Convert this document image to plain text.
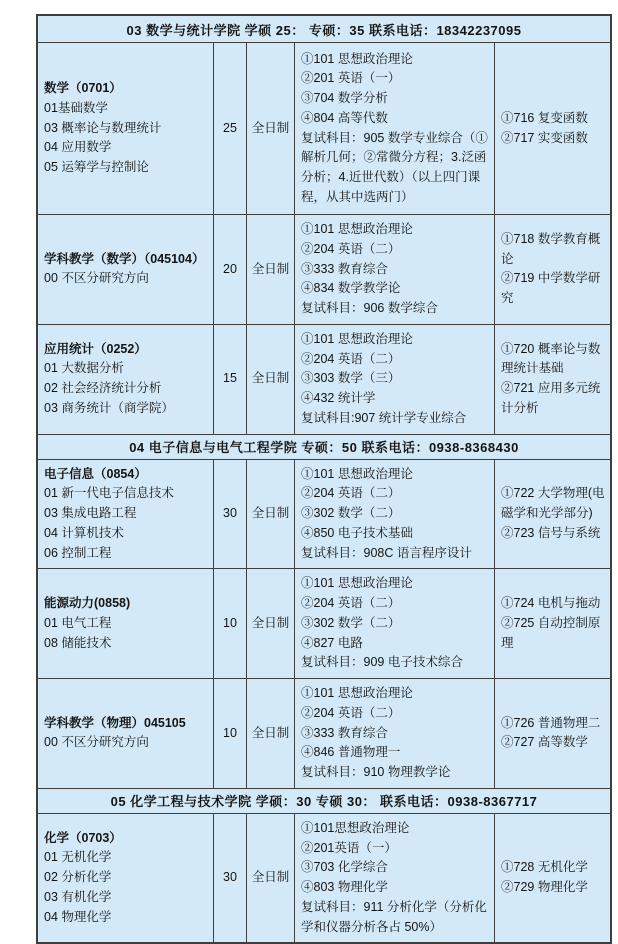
03 数学与统计学院 学硕 25： 专硕：35 联系电话：18342237095
数学（0701）
01基础数学
03 概率论与数理统计
04 应用数学
05 运筹学与控制论
25 全日制
①101 思想政治理论
②201 英语（一）
③704 数学分析
④804 高等代数
复试科目：905 数学专业综合（①解析几何；②常微分方程；3.泛函分析；4.近世代数）（以上四门课程，从其中选两门）
①716 复变函数
②717 实变函数
学科教学（数学）（045104）
00 不区分研究方向
20 全日制
①101 思想政治理论
②204 英语（二）
③333 教育综合
④834 数学教学论
复试科目：906 数学综合
①718 数学教育概论
②719 中学数学研究
应用统计（0252）
01 大数据分析
02 社会经济统计分析
03 商务统计（商学院）
15 全日制
①101 思想政治理论
②204 英语（二）
③303 数学（三）
④432 统计学
复试科目:907 统计学专业综合
①720 概率论与数理统计基础
②721 应用多元统计分析
04 电子信息与电气工程学院 专硕：50 联系电话：0938-8368430
电子信息（0854）
01 新一代电子信息技术
03 集成电路工程
04 计算机技术
06 控制工程
30 全日制
①101 思想政治理论
②204 英语（二）
③302 数学（二）
④850 电子技术基础
复试科目：908C 语言程序设计
①722 大学物理(电磁学和光学部分)
②723 信号与系统
能源动力(0858)
01 电气工程
08 储能技术
10 全日制
①101 思想政治理论
②204 英语（二）
③302 数学（二）
④827 电路
复试科目：909 电子技术综合
①724 电机与拖动
②725 自动控制原理
学科教学（物理）045105
00 不区分研究方向
10 全日制
①101 思想政治理论
②204 英语（二）
③333 教育综合
④846 普通物理一
复试科目：910 物理教学论
①726 普通物理二
②727 高等数学
05 化学工程与技术学院 学硕：30 专硕 30： 联系电话：0938-8367717
化学（0703）
01 无机化学
02 分析化学
03 有机化学
04 物理化学
30 全日制
①101思想政治理论
②201英语（一）
③703 化学综合
④803 物理化学
复试科目：911 分析化学（分析化学和仪器分析各占 50%）
①728 无机化学
②729 物理化学
